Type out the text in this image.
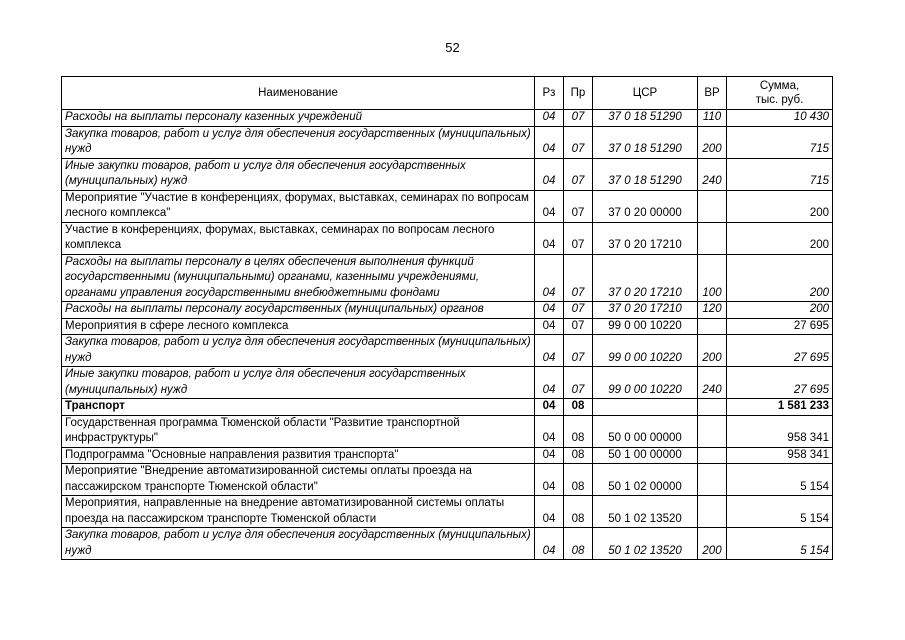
52
Наименование	Рз	Пр	ЦСР	ВР	Сумма,
тыс. руб.
Расходы на выплаты персоналу казенных учреждений	04	07	37 0 18 51290	110	10 430
Закупка товаров, работ и услуг для обеспечения государственных (муниципальных) нужд	04	07	37 0 18 51290	200	715
Иные закупки товаров, работ и услуг для обеспечения государственных (муниципальных) нужд	04	07	37 0 18 51290	240	715
Мероприятие "Участие в конференциях, форумах, выставках, семинарах по вопросам лесного комплекса"	04	07	37 0 20 00000		200
Участие в конференциях, форумах, выставках, семинарах по вопросам лесного комплекса	04	07	37 0 20 17210		200
Расходы на выплаты персоналу в целях обеспечения выполнения функций государственными (муниципальными) органами, казенными учреждениями, органами управления государственными внебюджетными фондами	04	07	37 0 20 17210	100	200
Расходы на выплаты персоналу государственных (муниципальных) органов	04	07	37 0 20 17210	120	200
Мероприятия в сфере лесного комплекса	04	07	99 0 00 10220		27 695
Закупка товаров, работ и услуг для обеспечения государственных (муниципальных) нужд	04	07	99 0 00 10220	200	27 695
Иные закупки товаров, работ и услуг для обеспечения государственных (муниципальных) нужд	04	07	99 0 00 10220	240	27 695
Транспорт	04	08			1 581 233
Государственная программа Тюменской области "Развитие транспортной инфраструктуры"	04	08	50 0 00 00000		958 341
Подпрограмма "Основные направления развития транспорта"	04	08	50 1 00 00000		958 341
Мероприятие "Внедрение автоматизированной системы оплаты проезда на пассажирском транспорте Тюменской области"	04	08	50 1 02 00000		5 154
Мероприятия, направленные на внедрение автоматизированной системы оплаты проезда на пассажирском транспорте Тюменской области	04	08	50 1 02 13520		5 154
Закупка товаров, работ и услуг для обеспечения государственных (муниципальных) нужд	04	08	50 1 02 13520	200	5 154
